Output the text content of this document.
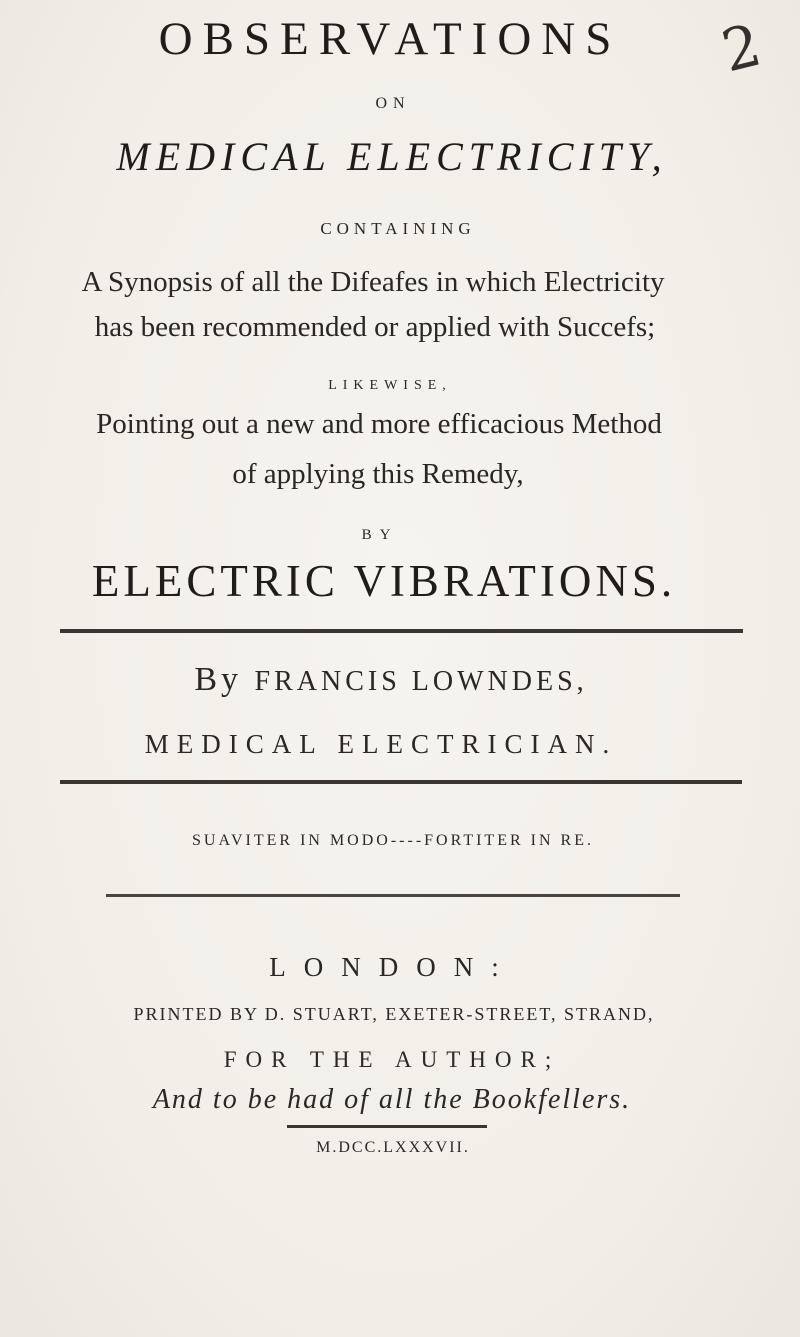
2
OBSERVATIONS
ON
MEDICAL ELECTRICITY,
CONTAINING
A Synopsis of all the Difeafes in which Electricity
has been recommended or applied with Succefs;
LIKEWISE,
Pointing out a new and more efficacious Method
of applying this Remedy,
BY
ELECTRIC VIBRATIONS.
By FRANCIS LOWNDES,
MEDICAL ELECTRICIAN.
SUAVITER IN MODO----FORTITER IN RE.
LONDON:
PRINTED BY D. STUART, EXETER-STREET, STRAND,
FOR THE AUTHOR;
And to be had of all the Bookfellers.
M.DCC.LXXXVII.
